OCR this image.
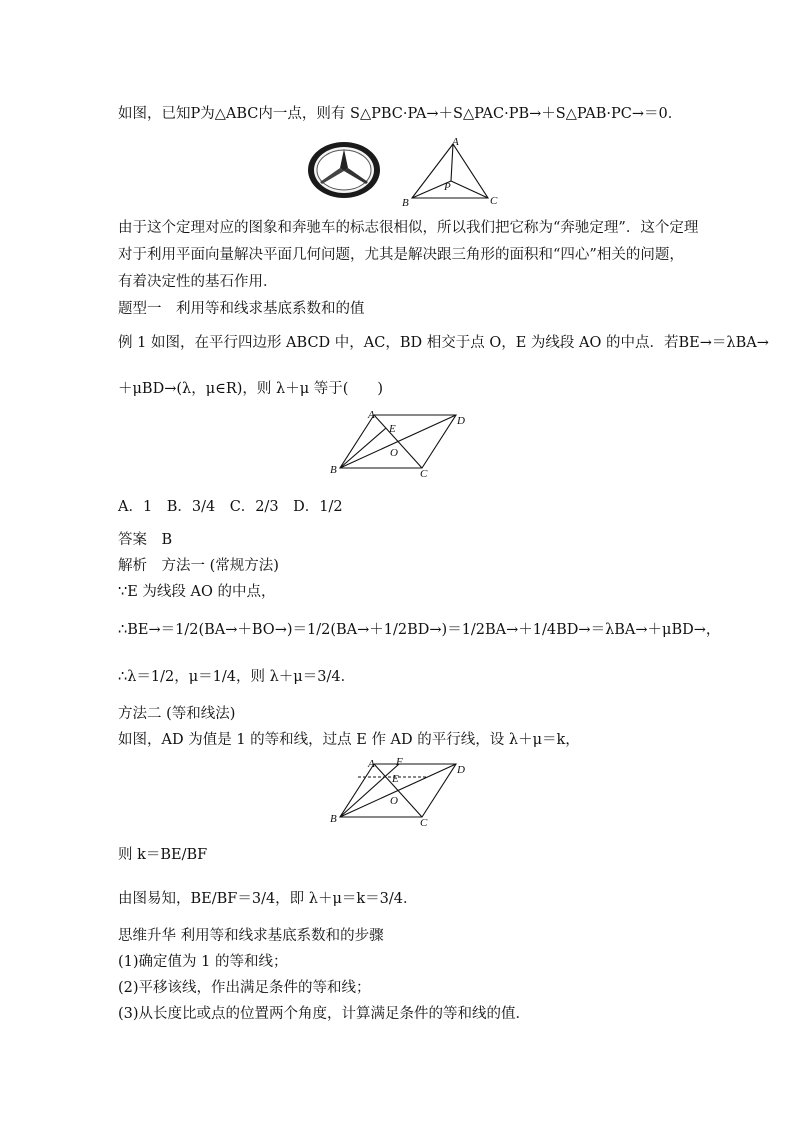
如图，已知P为△ABC内一点，则有 S△PBC·PA→＋S△PAC·PB→＋S△PAB·PC→＝0．
A
B	C
P
由于这个定理对应的图象和奔驰车的标志很相似，所以我们把它称为“奔驰定理”．这个定理
对于利用平面向量解决平面几何问题，尤其是解决跟三角形的面积和“四心”相关的问题，
有着决定性的基石作用．
题型一　利用等和线求基底系数和的值
例 1 如图，在平行四边形 ABCD 中，AC，BD 相交于点 O，E 为线段 AO 的中点．若BE→＝λBA→
＋μBD→(λ，μ∈R)，则 λ＋μ 等于(　　)
A	D
B	C
E
O
A．1　B．3/4　C．2/3　D．1/2
答案　B
解析　方法一 (常规方法)
∵E 为线段 AO 的中点，
∴BE→＝1/2(BA→＋BO→)＝1/2(BA→＋1/2BD→)＝1/2BA→＋1/4BD→＝λBA→＋μBD→，
∴λ＝1/2，μ＝1/4，则 λ＋μ＝3/4．
方法二 (等和线法)
如图，AD 为值是 1 的等和线，过点 E 作 AD 的平行线，设 λ＋μ＝k，
A F
D
B	C
E
O
则 k＝BE/BF
由图易知，BE/BF＝3/4，即 λ＋μ＝k＝3/4．
思维升华 利用等和线求基底系数和的步骤
(1)确定值为 1 的等和线；
(2)平移该线，作出满足条件的等和线；
(3)从长度比或点的位置两个角度，计算满足条件的等和线的值．
